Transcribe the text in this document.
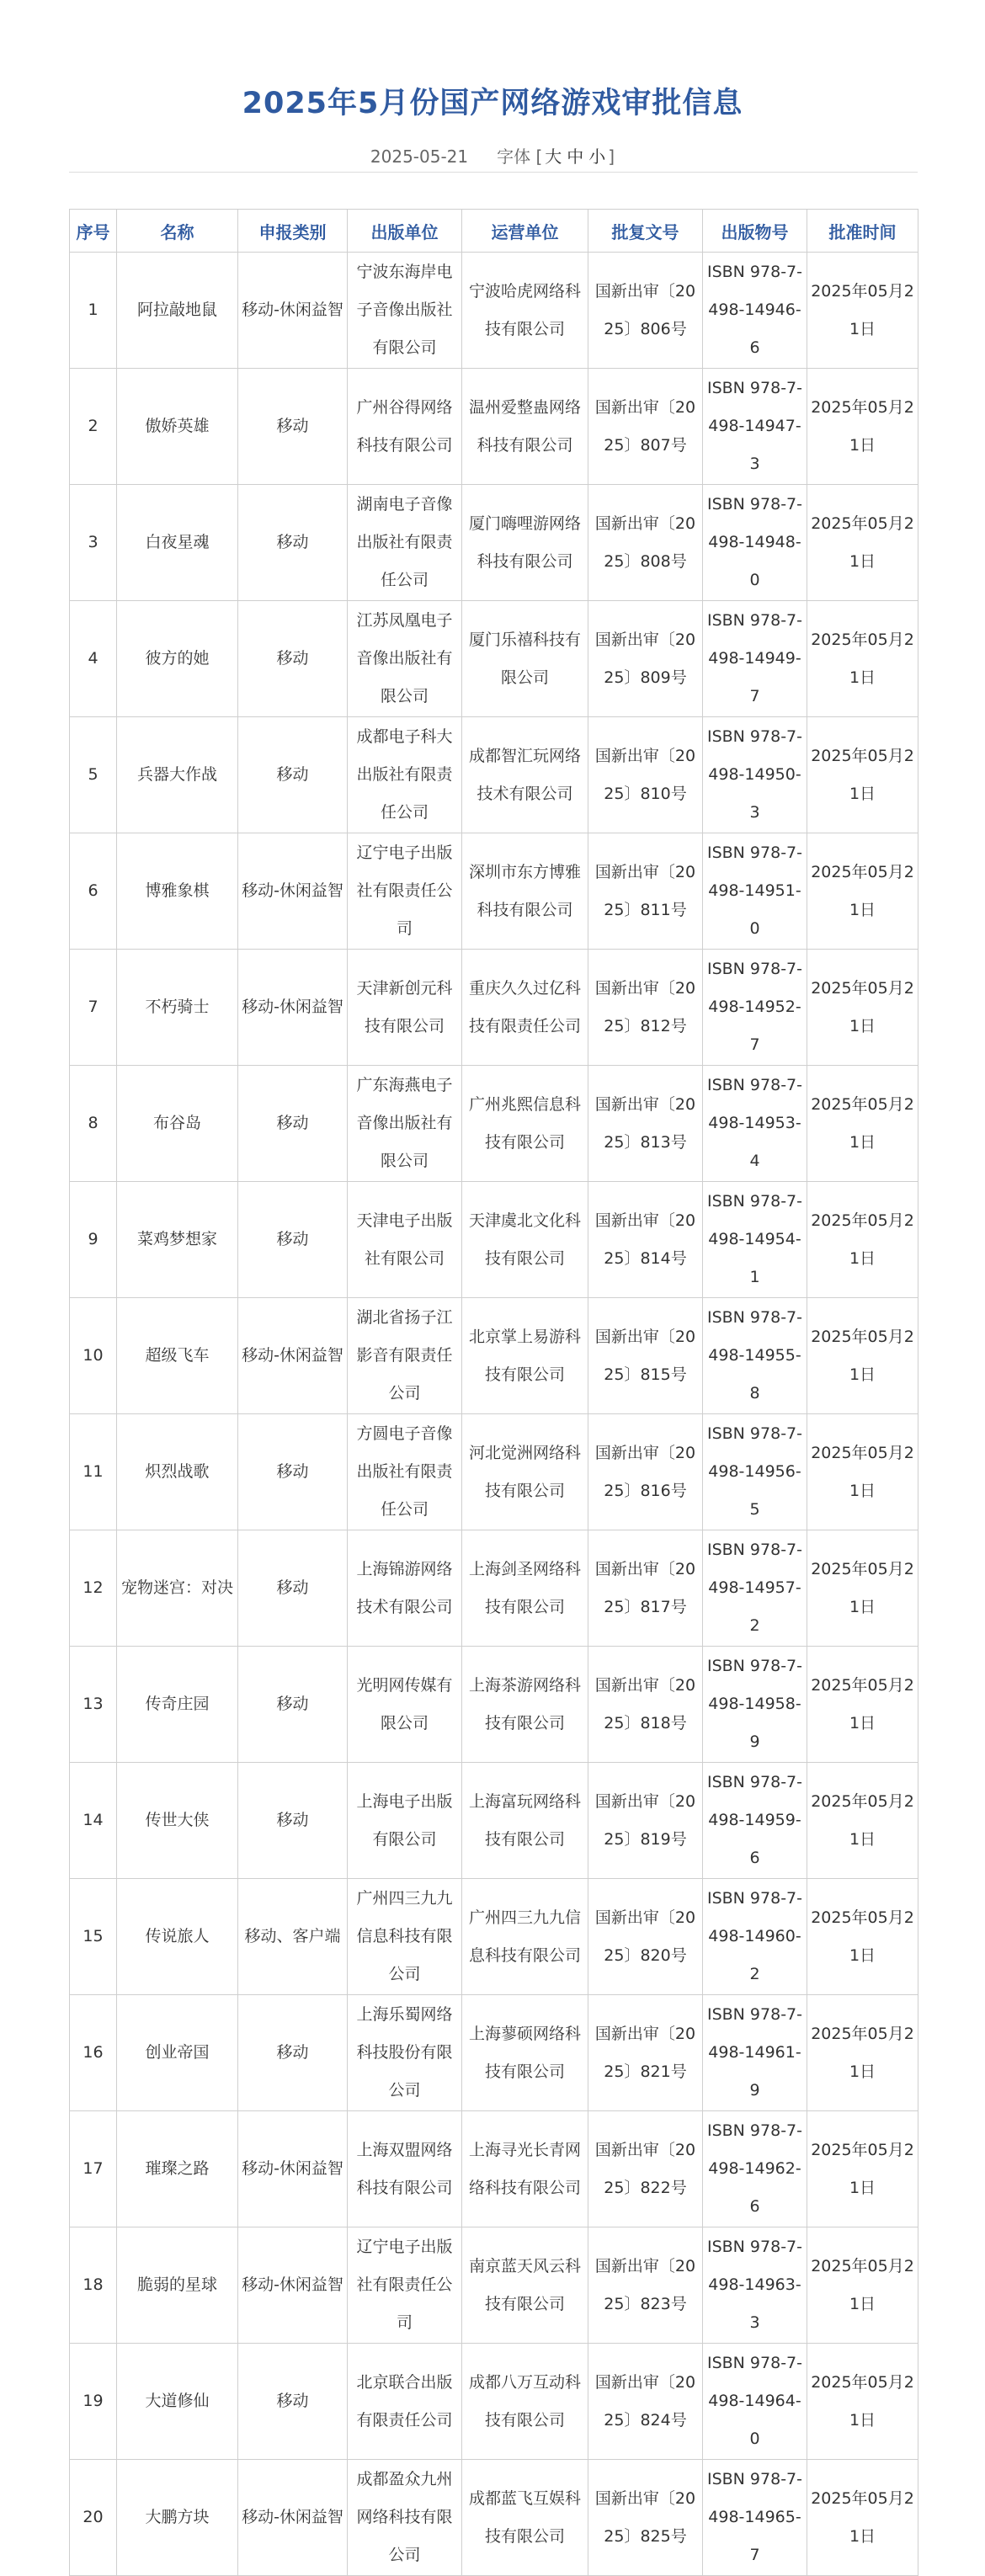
2025年5月份国产网络游戏审批信息
2025-05-21 字体 [ 大 中 小 ]
序号	名称	申报类别	出版单位	运营单位	批复文号	出版物号	批准时间
1	阿拉敲地鼠	移动-休闲益智	宁波东海岸电子音像出版社有限公司	宁波哈虎网络科技有限公司	国新出审〔2025〕806号	ISBN 978-7-498-14946-6	2025年05月21日
2	傲娇英雄	移动	广州谷得网络科技有限公司	温州爱整蛊网络科技有限公司	国新出审〔2025〕807号	ISBN 978-7-498-14947-3	2025年05月21日
3	白夜星魂	移动	湖南电子音像出版社有限责任公司	厦门嗨哩游网络科技有限公司	国新出审〔2025〕808号	ISBN 978-7-498-14948-0	2025年05月21日
4	彼方的她	移动	江苏凤凰电子音像出版社有限公司	厦门乐禧科技有限公司	国新出审〔2025〕809号	ISBN 978-7-498-14949-7	2025年05月21日
5	兵器大作战	移动	成都电子科大出版社有限责任公司	成都智汇玩网络技术有限公司	国新出审〔2025〕810号	ISBN 978-7-498-14950-3	2025年05月21日
6	博雅象棋	移动-休闲益智	辽宁电子出版社有限责任公司	深圳市东方博雅科技有限公司	国新出审〔2025〕811号	ISBN 978-7-498-14951-0	2025年05月21日
7	不朽骑士	移动-休闲益智	天津新创元科技有限公司	重庆久久过亿科技有限责任公司	国新出审〔2025〕812号	ISBN 978-7-498-14952-7	2025年05月21日
8	布谷岛	移动	广东海燕电子音像出版社有限公司	广州兆熙信息科技有限公司	国新出审〔2025〕813号	ISBN 978-7-498-14953-4	2025年05月21日
9	菜鸡梦想家	移动	天津电子出版社有限公司	天津虞北文化科技有限公司	国新出审〔2025〕814号	ISBN 978-7-498-14954-1	2025年05月21日
10	超级飞车	移动-休闲益智	湖北省扬子江影音有限责任公司	北京掌上易游科技有限公司	国新出审〔2025〕815号	ISBN 978-7-498-14955-8	2025年05月21日
11	炽烈战歌	移动	方圆电子音像出版社有限责任公司	河北觉洲网络科技有限公司	国新出审〔2025〕816号	ISBN 978-7-498-14956-5	2025年05月21日
12	宠物迷宫：对决	移动	上海锦游网络技术有限公司	上海剑圣网络科技有限公司	国新出审〔2025〕817号	ISBN 978-7-498-14957-2	2025年05月21日
13	传奇庄园	移动	光明网传媒有限公司	上海茶游网络科技有限公司	国新出审〔2025〕818号	ISBN 978-7-498-14958-9	2025年05月21日
14	传世大侠	移动	上海电子出版有限公司	上海富玩网络科技有限公司	国新出审〔2025〕819号	ISBN 978-7-498-14959-6	2025年05月21日
15	传说旅人	移动、客户端	广州四三九九信息科技有限公司	广州四三九九信息科技有限公司	国新出审〔2025〕820号	ISBN 978-7-498-14960-2	2025年05月21日
16	创业帝国	移动	上海乐蜀网络科技股份有限公司	上海蓼硕网络科技有限公司	国新出审〔2025〕821号	ISBN 978-7-498-14961-9	2025年05月21日
17	璀璨之路	移动-休闲益智	上海双盟网络科技有限公司	上海寻光长青网络科技有限公司	国新出审〔2025〕822号	ISBN 978-7-498-14962-6	2025年05月21日
18	脆弱的星球	移动-休闲益智	辽宁电子出版社有限责任公司	南京蓝天风云科技有限公司	国新出审〔2025〕823号	ISBN 978-7-498-14963-3	2025年05月21日
19	大道修仙	移动	北京联合出版有限责任公司	成都八万互动科技有限公司	国新出审〔2025〕824号	ISBN 978-7-498-14964-0	2025年05月21日
20	大鹏方块	移动-休闲益智	成都盈众九州网络科技有限公司	成都蓝飞互娱科技有限公司	国新出审〔2025〕825号	ISBN 978-7-498-14965-7	2025年05月21日
